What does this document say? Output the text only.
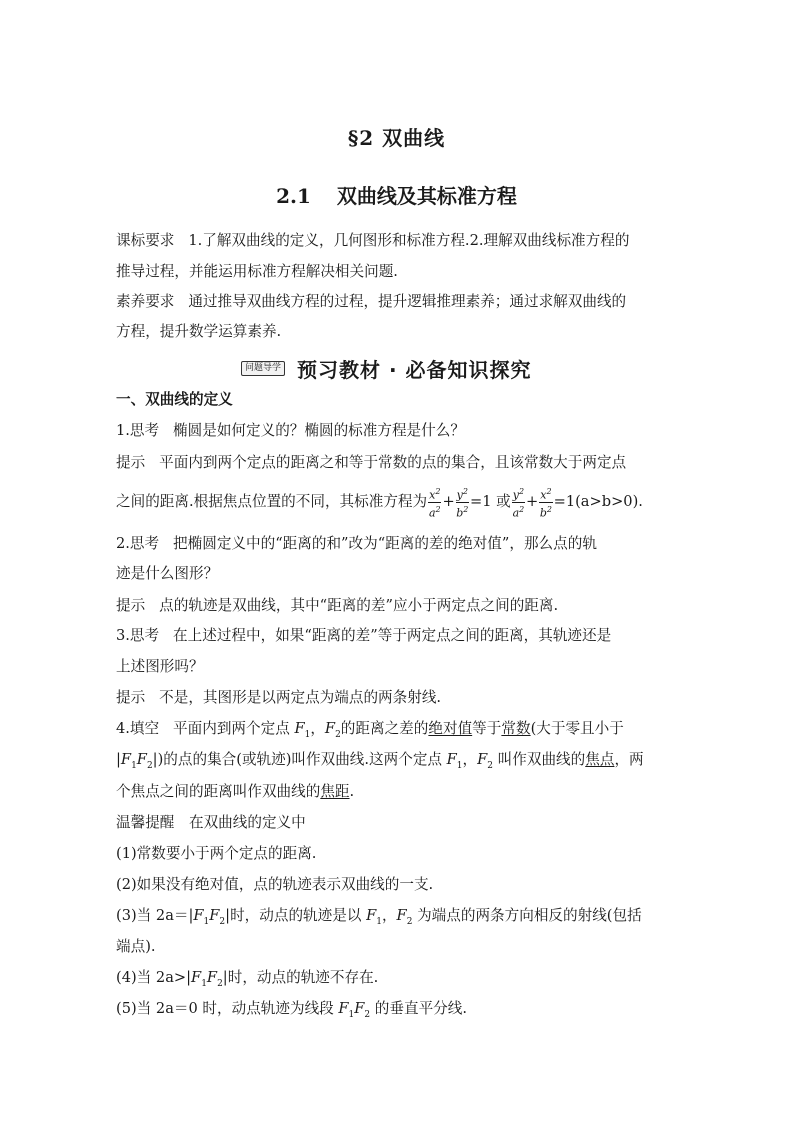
§2 双曲线
2.1 双曲线及其标准方程
课标要求 1.了解双曲线的定义，几何图形和标准方程.2.理解双曲线标准方程的
推导过程，并能运用标准方程解决相关问题.
素养要求 通过推导双曲线方程的过程，提升逻辑推理素养；通过求解双曲线的
方程，提升数学运算素养.
问题导学 预习教材 · 必备知识探究
一、双曲线的定义
1.思考 椭圆是如何定义的？椭圆的标准方程是什么？
提示 平面内到两个定点的距离之和等于常数的点的集合，且该常数大于两定点
之间的距离.根据焦点位置的不同，其标准方程为 $\frac{x^2}{a^2} + \frac{y^2}{b^2} =1$ 或 $\frac{y^2}{a^2} + \frac{x^2}{b^2} =1(a>b>0)$.
2.思考 把椭圆定义中的“距离的和”改为“距离的差的绝对值”，那么点的轨
迹是什么图形？
提示 点的轨迹是双曲线，其中“距离的差”应小于两定点之间的距离.
3.思考 在上述过程中，如果“距离的差”等于两定点之间的距离，其轨迹还是
上述图形吗？
提示 不是，其图形是以两定点为端点的两条射线.
4.填空 平面内到两个定点 $F_1$，$F_2$的距离之差的绝对值等于常数(大于零且小于
$|F_1F_2|$)的点的集合(或轨迹)叫作双曲线.这两个定点 $F_1$，$F_2$ 叫作双曲线的焦点，两
个焦点之间的距离叫作双曲线的焦距.
温馨提醒　在双曲线的定义中
(1)常数要小于两个定点的距离.
(2)如果没有绝对值，点的轨迹表示双曲线的一支.
(3)当 $2a=|F_1F_2|$时，动点的轨迹是以 $F_1$，$F_2$ 为端点的两条方向相反的射线(包括
端点).
(4)当 $2a>|F_1F_2|$时，动点的轨迹不存在.
(5)当 2a＝0 时，动点轨迹为线段 $F_1F_2$ 的垂直平分线.
